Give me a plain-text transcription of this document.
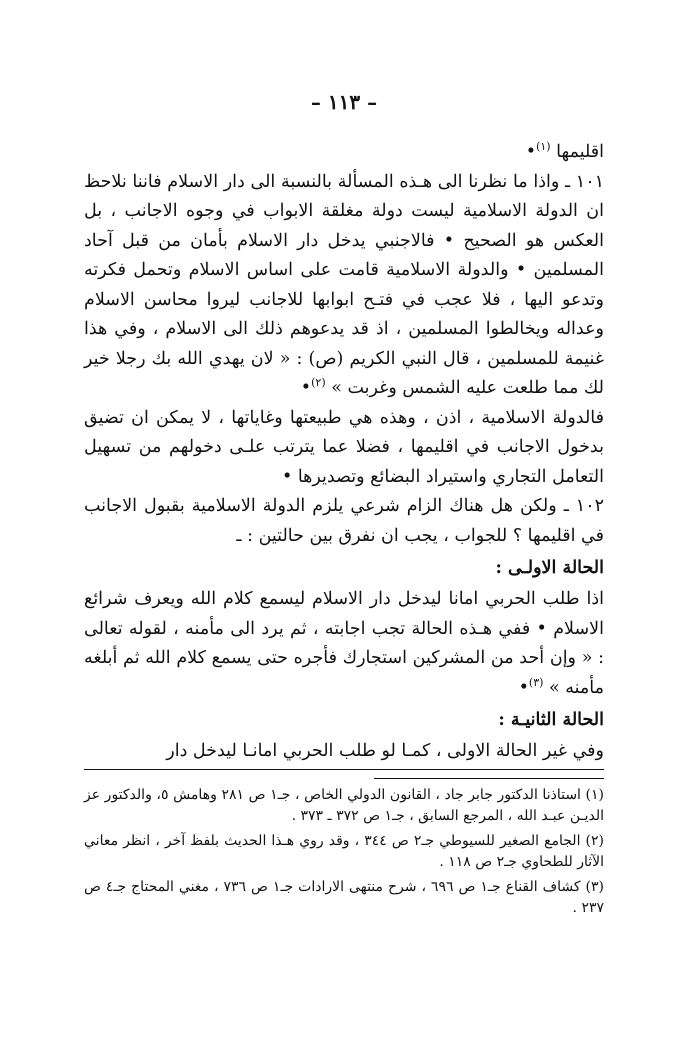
– ١١٣ –

اقليمها $^{(١)}$•

١٠١ ـ واذا ما نظرنا الى هـذه المسألة بالنسبة الى دار الاسلام فاننا نلاحظ ان الدولة الاسلامية ليست دولة مغلقة الابواب في وجوه الاجانب ، بل العكس هو الصحيح • فالاجنبي يدخل دار الاسلام بأمان من قبل آحاد المسلمين • والدولة الاسلامية قامت على اساس الاسلام وتحمل فكرته وتدعو اليها ، فلا عجب في فتـح ابوابها للاجانب ليروا محاسن الاسلام وعداله ويخالطوا المسلمين ، اذ قد يدعوهم ذلك الى الاسلام ، وفي هذا غنيمة للمسلمين ، قال النبي الكريم (ص) : « لان يهدي الله بك رجلا خير لك مما طلعت عليه الشمس وغربت » $^{(٢)}$•

فالدولة الاسلامية ، اذن ، وهذه هي طبيعتها وغاياتها ، لا يمكن ان تضيق بدخول الاجانب في اقليمها ، فضلا عما يترتب علـى دخولهم من تسهيل التعامل التجاري واستيراد البضائع وتصديرها •

١٠٢ ـ ولكن هل هناك الزام شرعي يلزم الدولة الاسلامية بقبول الاجانب في اقليمها ؟ للجواب ، يجب ان نفرق بين حالتين : ـ

الحالة الاولـى :

اذا طلب الحربي امانا ليدخل دار الاسلام ليسمع كلام الله ويعرف شرائع الاسلام • ففي هـذه الحالة تجب اجابته ، ثم يرد الى مأمنه ، لقوله تعالى : « وإن أحد من المشركين استجارك فأجره حتى يسمع كلام الله ثم أبلغه مأمنه » $^{(٣)}$•

الحالة الثانيـة :

وفي غير الحالة الاولى ، كمـا لو طلب الحربي امانـا ليدخل دار

(١) استاذنا الدكتور جابر جاد ، القانون الدولي الخاص ، جـ١ ص ٢٨١ وهامش ٥، والدكتور عز الديـن عبـد الله ، المرجع السابق ، جـ١ ص ٣٧٢ ـ ٣٧٣ .

(٢) الجامع الصغير للسيوطي جـ٢ ص ٣٤٤ ، وقد روي هـذا الحديث بلفظ آخر ، انظر معاني الآثار للطحاوي جـ٢ ص ١١٨ .

(٣) كشاف القناع جـ١ ص ٦٩٦ ، شرح منتهى الارادات جـ١ ص ٧٣٦ ، مغني المحتاج جـ٤ ص ٢٣٧ .
